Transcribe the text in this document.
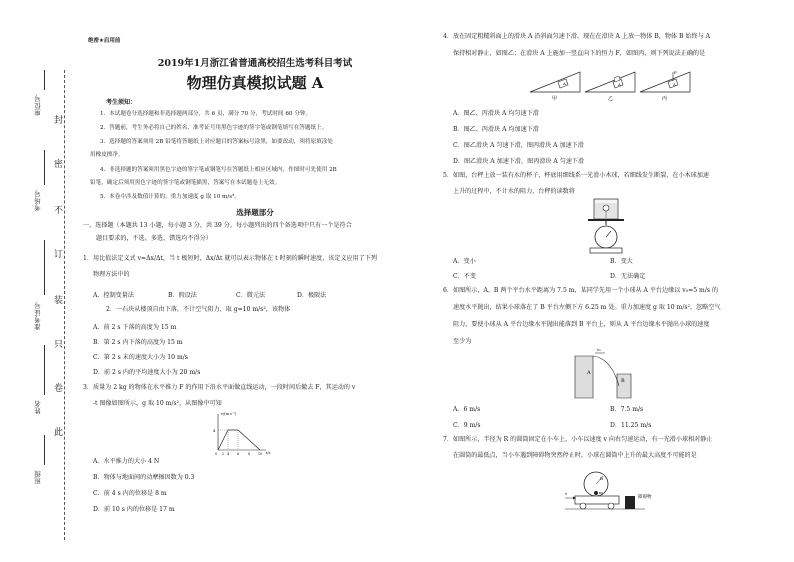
封
密
不
订
装
只
卷
此
准考证号
考场号
座位号
姓名
班级
绝密★启用前
2019年1月浙江省普通高校招生选考科目考试
物理仿真模拟试题 A
考生须知：
1．本试题卷分选择题和非选择题两部分，共 6 页，满分 70 分，考试时间 60 分钟。
2．答题前，考生务必将自己的姓名、准考证号用黑色字迹的签字笔或钢笔填写在答题纸上。
3．选择题的答案须用 2B 铅笔将答题纸上对应题目的答案标号涂黑，如要改动，须将原填涂处
用橡皮擦净。
4．非选择题的答案须用黑色字迹的签字笔或钢笔写在答题纸上相应区域内，作图时可先使用 2B
铅笔，确定后须用黑色字迹的签字笔或钢笔描黑，答案写在本试题卷上无效。
5．本卷中涉及数值计算的，重力加速度 g 取 10 m/s²。
选择题部分
一、选择题（本题共 13 小题，每小题 3 分，共 39 分。每小题列出的四个备选项中只有一个是符合
题目要求的，不选、多选、错选均不得分）
1．用比值法定义式 v=Δx/Δt，当 t 极短时，Δx/Δt 就可以表示物体在 t 时刻的瞬时速度，该定义应用了下列
物理方法中的
A．控制变量法	B．假设法	C．微元法	D．极限法
2．一石块从楼顶自由下落，不计空气阻力，取 g=10 m/s²，该物体
A．前 2 s 下落的高度为 15 m
B．第 2 s 内下落的高度为 15 m
C．第 2 s 末的速度大小为 10 m/s
D．前 2 s 内的平均速度大小为 20 m/s
3．质量为 2 kg 的物体在水平推力 F 的作用下沿水平面做直线运动，一段时间后撤去 F，其运动的 v
-t 图像如图所示，g 取 10 m/s²，从图像中可知
v/(m·s⁻¹)
t/s
4
0 2 4 6	8 10
A．水平推力的大小 4 N
B．物体与地面间的动摩擦因数为 0.3
C．前 4 s 内的位移是 8 m
D．前 10 s 内的位移是 17 m
4．放在固定粗糙斜面上的滑块 A 沿斜面匀速下滑。现在在滑块 A 上放一物体 B，物体 B 始终与 A
保持相对静止，如图乙；在滑块 A 上施加一竖直向下的恒力 F，如图丙，则下列说法正确的是
A	A	A
F
甲	乙	丙
A．图乙、丙滑块 A 均匀速下滑
B．图乙、丙滑块 A 均加速下滑
C．图乙滑块 A 匀速下滑，图丙滑块 A 加速下滑
D．图乙滑块 A 加速下滑，图丙滑块 A 匀速下滑
5．如图，台秤上放一装有水的杯子，杯底用细线系一光滑小木球，若细线发生断裂，在小木球加速
上升的过程中，不计水的阻力，台秤的读数将
A．变小	B．变大
C．不变	D．无法确定
6．如图所示，A、B 两个平台水平距离为 7.5 m，某同学先用一个小球从 A 平台边缘以 v₀=5 m/s 的
速度水平抛出，结果小球落在了 B 平台左侧下方 6.25 m 处。重力加速度 g 取 10 m/s²，忽略空气
阻力，要使小球从 A 平台边缘水平抛出能落到 B 平台上，则从 A 平台边缘水平抛出小球的速度
至少为
v₀
A
B
A．6 m/s	B．7.5 m/s
C．9 m/s	D．11.25 m/s
7．如图所示，半径为 R 的圆筒固定在小车上，小车以速度 v 向右匀速运动，有一光滑小球相对静止
在圆筒的最低点，当小车遇到障碍物突然停止时，小球在圆筒中上升的最大高度不可能的是
R
m
v
障碍物
